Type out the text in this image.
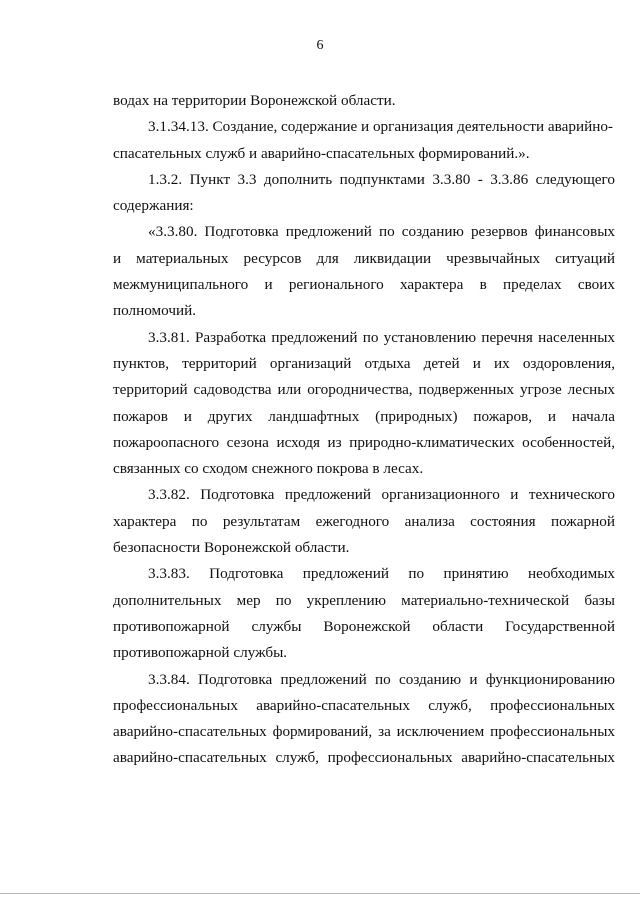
6
водах на территории Воронежской области.
3.1.34.13. Создание, содержание и организация деятельности аварийно-
спасательных служб и аварийно-спасательных формирований.».
1.3.2. Пункт 3.3 дополнить подпунктами 3.3.80 - 3.3.86 следующего
содержания:
«3.3.80. Подготовка предложений по созданию резервов финансовых
и материальных ресурсов для ликвидации чрезвычайных ситуаций
межмуниципального и регионального характера в пределах своих
полномочий.
3.3.81. Разработка предложений по установлению перечня населенных
пунктов, территорий организаций отдыха детей и их оздоровления,
территорий садоводства или огородничества, подверженных угрозе лесных
пожаров и других ландшафтных (природных) пожаров, и начала
пожароопасного сезона исходя из природно-климатических особенностей,
связанных со сходом снежного покрова в лесах.
3.3.82. Подготовка предложений организационного и технического
характера по результатам ежегодного анализа состояния пожарной
безопасности Воронежской области.
3.3.83. Подготовка предложений по принятию необходимых
дополнительных мер по укреплению материально-технической базы
противопожарной службы Воронежской области Государственной
противопожарной службы.
3.3.84. Подготовка предложений по созданию и функционированию
профессиональных аварийно-спасательных служб, профессиональных
аварийно-спасательных формирований, за исключением профессиональных
аварийно-спасательных служб, профессиональных аварийно-спасательных
